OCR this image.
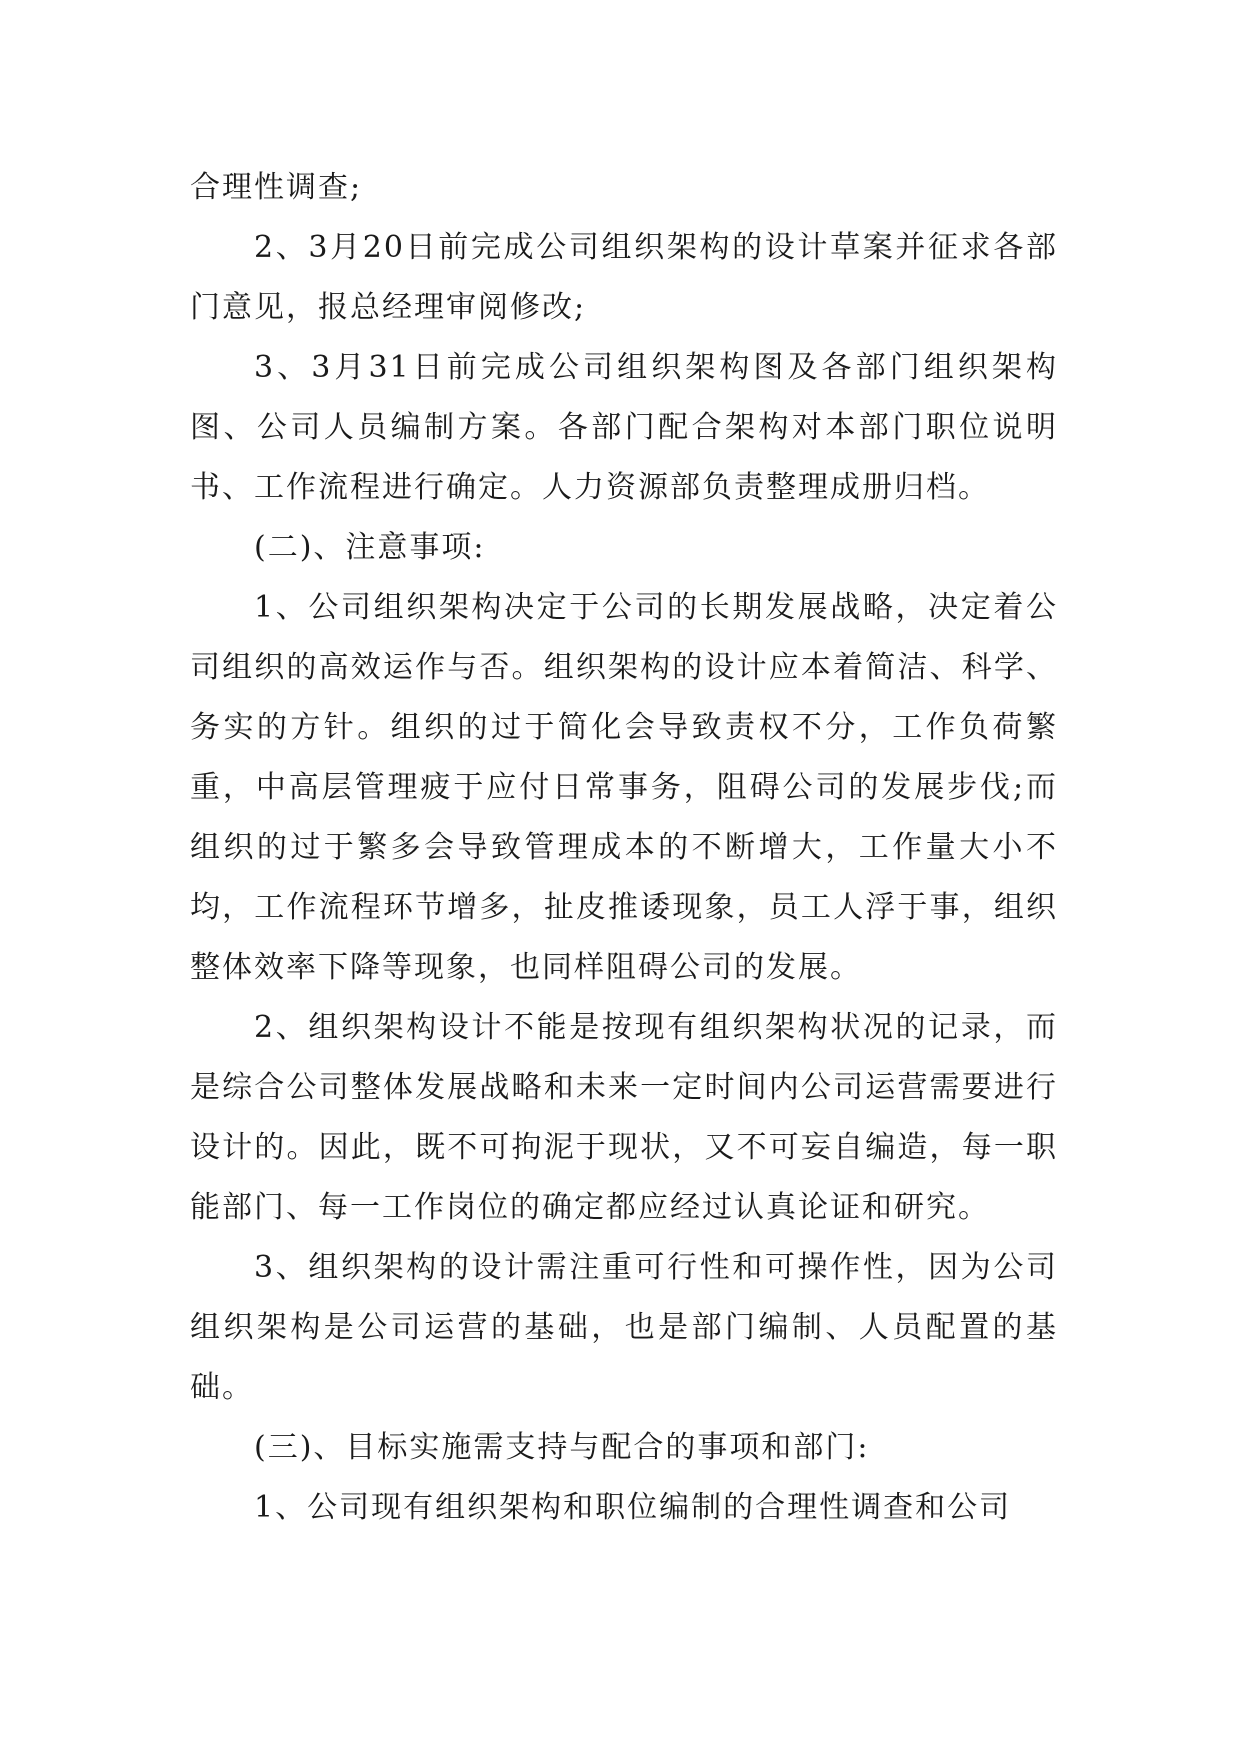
合理性调查;

2、3月20日前完成公司组织架构的设计草案并征求各部门意见，报总经理审阅修改;

3、3月31日前完成公司组织架构图及各部门组织架构图、公司人员编制方案。各部门配合架构对本部门职位说明书、工作流程进行确定。人力资源部负责整理成册归档。

(二)、注意事项:

1、公司组织架构决定于公司的长期发展战略，决定着公司组织的高效运作与否。组织架构的设计应本着简洁、科学、务实的方针。组织的过于简化会导致责权不分，工作负荷繁重，中高层管理疲于应付日常事务，阻碍公司的发展步伐;而组织的过于繁多会导致管理成本的不断增大，工作量大小不均，工作流程环节增多，扯皮推诿现象，员工人浮于事，组织整体效率下降等现象，也同样阻碍公司的发展。

2、组织架构设计不能是按现有组织架构状况的记录，而是综合公司整体发展战略和未来一定时间内公司运营需要进行设计的。因此，既不可拘泥于现状，又不可妄自编造，每一职能部门、每一工作岗位的确定都应经过认真论证和研究。

3、组织架构的设计需注重可行性和可操作性，因为公司组织架构是公司运营的基础，也是部门编制、人员配置的基础。

(三)、目标实施需支持与配合的事项和部门:

1、公司现有组织架构和职位编制的合理性调查和公司
